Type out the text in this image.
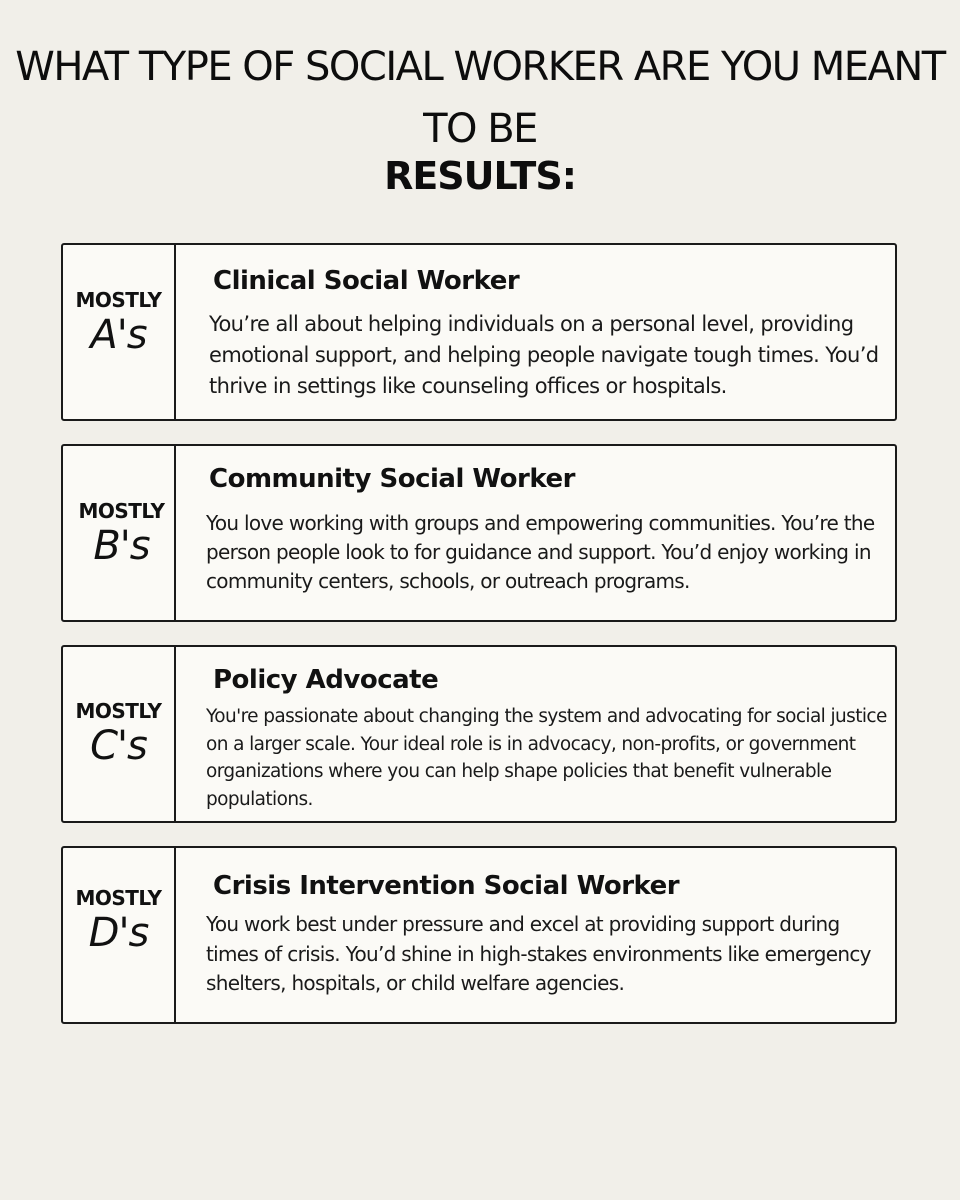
WHAT TYPE OF SOCIAL WORKER ARE YOU MEANT TO BE
RESULTS:
MOSTLY
A's
Clinical Social Worker

You’re all about helping individuals on a personal level, providing emotional support, and helping people navigate tough times. You’d thrive in settings like counseling offices or hospitals.

MOSTLY
B's
Community Social Worker

You love working with groups and empowering communities. You’re the person people look to for guidance and support. You’d enjoy working in community centers, schools, or outreach programs.

MOSTLY
C's
Policy Advocate

You're passionate about changing the system and advocating for social justice on a larger scale. Your ideal role is in advocacy, non-profits, or government organizations where you can help shape policies that benefit vulnerable populations.

MOSTLY
D's
Crisis Intervention Social Worker

You work best under pressure and excel at providing support during times of crisis. You’d shine in high-stakes environments like emergency shelters, hospitals, or child welfare agencies.
